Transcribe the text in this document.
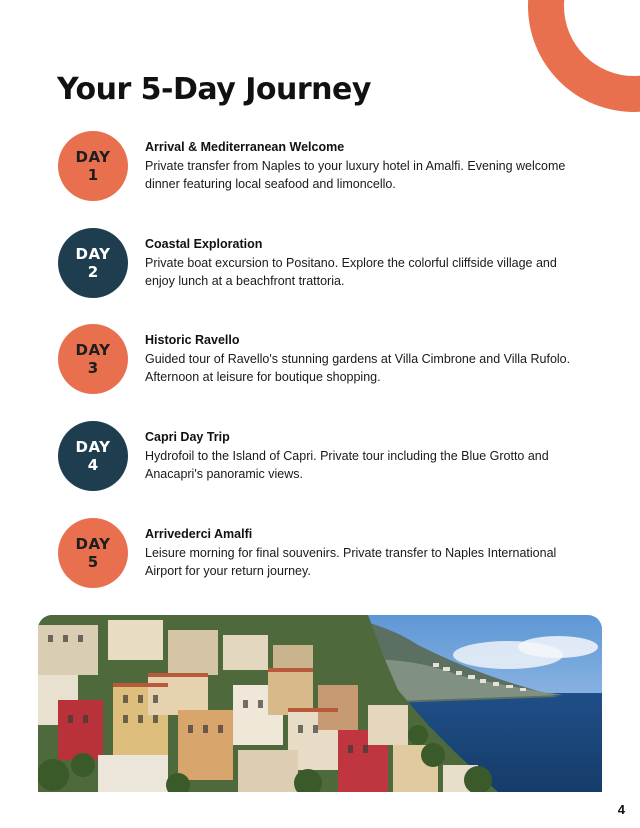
Your 5-Day Journey
DAY
1

Arrival & Mediterranean Welcome

Private transfer from Naples to your luxury hotel in Amalfi. Evening welcome dinner featuring local seafood and limoncello.

DAY
2

Coastal Exploration

Private boat excursion to Positano. Explore the colorful cliffside village and enjoy lunch at a beachfront trattoria.

DAY
3

Historic Ravello

Guided tour of Ravello's stunning gardens at Villa Cimbrone and Villa Rufolo. Afternoon at leisure for boutique shopping.

DAY
4

Capri Day Trip

Hydrofoil to the Island of Capri. Private tour including the Blue Grotto and Anacapri's panoramic views.

DAY
5

Arrivederci Amalfi

Leisure morning for final souvenirs. Private transfer to Naples International Airport for your return journey.

4
